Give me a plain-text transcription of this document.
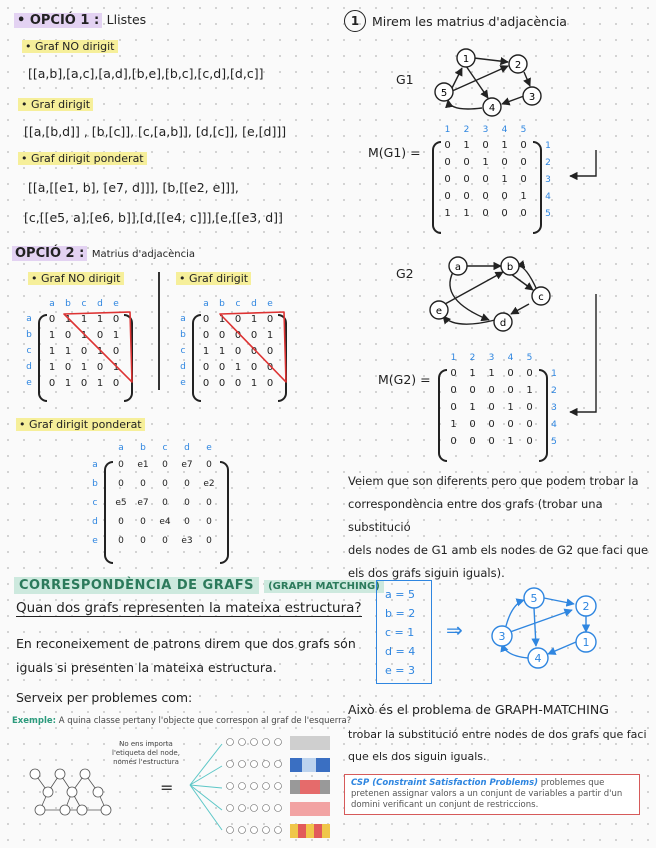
• OPCIÓ 1 : Llistes
• Graf NO dirigit
[[a,b],[a,c],[a,d],[b,e],[b,c],[c,d],[d,c]]
• Graf dirigit
[[a,[b,d]] , [b,[c]], [c,[a,b]], [d,[c]], [e,[d]]]
• Graf dirigit ponderat
[[a,[[e1, b], [e7, d]]], [b,[[e2, e]]],
[c,[[e5, a],[e6, b]],[d,[[e4, c]]],[e,[[e3, d]]
OPCIÓ 2 : Matrius d'adjacència
• Graf NO dirigit	• Graf dirigit
		a	b	c	d	e
a		0	1	1	1	0
b		1	0	1	0	1
c		1	1	0	1	0
d		1	0	1	0	1
e		0	1	0	1	0
		a	b	c	d	e
a		0	1	0	1	0
b		0	0	0	0	1
c		1	1	0	0	0
d		0	0	1	0	0
e		0	0	0	1	0
• Graf dirigit ponderat
		a	b	c	d	e
a		0	e1	0	e7	0
b		0	0	0	0	e2
c		e5	e7	0	0	0
d		0	0	e4	0	0
e		0	0	0	e3	0
CORRESPONDÈNCIA DE GRAFS (GRAPH MATCHING)
Quan dos grafs representen la mateixa estructura?
En reconeixement de patrons direm que dos grafs són
iguals si presenten la mateixa estructura.
Serveix per problemes com:
Exemple: A quina classe pertany l'objecte que correspon al graf de l'esquerra?
=
No ens importa
l'etiqueta del node,
només l'estructura
1	Mirem les matrius d'adjacència
G1
1
2
3
4
5
M(G1) =
	1	2	3	4	5		
	0	1	0	1	0		1
	0	0	1	0	0		2
	0	0	0	1	0		3
	0	0	0	0	1		4
	1	1	0	0	0		5
G2	a	b
c
d
e
M(G2) =
	1	2	3	4	5		
	0	1	1	0	0		1
	0	0	0	0	1		2
	0	1	0	1	0		3
	1	0	0	0	0		4
	0	0	0	1	0		5
Veiem que son diferents pero que podem trobar la
correspondència entre dos grafs (trobar una substitució
dels nodes de G1 amb els nodes de G2 que faci que
els dos grafs siguin iguals).
a = 5
b = 2
c = 1
d = 4
e = 3
⇒
5
2
3	1
4
Això és el problema de GRAPH-MATCHING
trobar la substitució entre nodes de dos grafs que faci
que els dos siguin iguals.
CSP (Constraint Satisfaction Problems) problemes que pretenen assignar valors a un conjunt de variables a partir d'un domini verificant un conjunt de restriccions.
